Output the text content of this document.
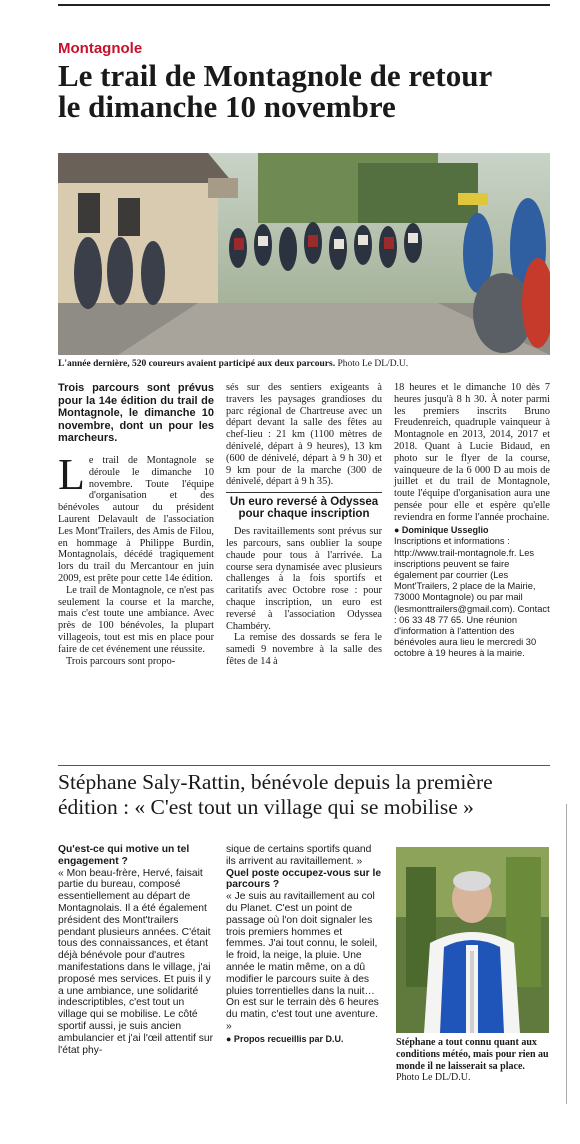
Montagnole
Le trail de Montagnole de retour
le dimanche 10 novembre
L'année dernière, 520 coureurs avaient participé aux deux parcours. Photo Le DL/D.U.
Trois parcours sont prévus pour la 14e édition du trail de Montagnole, le dimanche 10 novembre, dont un pour les marcheurs.

Le trail de Montagnole se déroule le dimanche 10 novembre. Toute l'équipe d'organisation et des bénévoles autour du président Laurent Delavault de l'association Les Mont'Trailers, des Amis de Filou, en hommage à Philippe Burdin, Montagnolais, décédé tragiquement lors du trail du Mercantour en juin 2009, est prête pour cette 14e édition.

Le trail de Montagnole, ce n'est pas seulement la course et la marche, mais c'est toute une ambiance. Avec près de 100 bénévoles, la plupart villageois, tout est mis en place pour faire de cet événement une réussite.

Trois parcours sont propo-

sés sur des sentiers exigeants à travers les paysages grandioses du parc régional de Chartreuse avec un départ devant la salle des fêtes au chef-lieu : 21 km (1100 mètres de dénivelé, départ à 9 heures), 13 km (600 de dénivelé, départ à 9 h 30) et 9 km pour de la marche (300 de dénivelé, départ à 9 h 35).

Un euro reversé à Odyssea pour chaque inscription

Des ravitaillements sont prévus sur les parcours, sans oublier la soupe chaude pour tous à l'arrivée. La course sera dynamisée avec plusieurs challenges à la fois sportifs et caritatifs avec Octobre rose : pour chaque inscription, un euro est reversé à l'association Odyssea Chambéry.

La remise des dossards se fera le samedi 9 novembre à la salle des fêtes de 14 à

18 heures et le dimanche 10 dès 7 heures jusqu'à 8 h 30. À noter parmi les premiers inscrits Bruno Freudenreich, quadruple vainqueur à Montagnole en 2013, 2014, 2017 et 2018. Quant à Lucie Bidaud, en photo sur le flyer de la course, vainqueure de la 6 000 D au mois de juillet et du trail de Montagnole, toute l'équipe d'organisation aura une pensée pour elle et espère qu'elle reviendra en forme l'année prochaine.

● Dominique Usseglio

Inscriptions et informations : http://www.trail-montagnole.fr. Les inscriptions peuvent se faire également par courrier (Les Mont'Trailers, 2 place de la Mairie, 73000 Montagnole) ou par mail (lesmonttrailers@gmail.com). Contact : 06 33 48 77 65. Une réunion d'information à l'attention des bénévoles aura lieu le mercredi 30 octobre à 19 heures à la mairie.

Stéphane Saly-Rattin, bénévole depuis la première
édition : « C'est tout un village qui se mobilise »
Qu'est-ce qui motive un tel engagement ?

« Mon beau-frère, Hervé, faisait partie du bureau, composé essentiellement au départ de Montagnolais. Il a été également président des Mont'trailers pendant plusieurs années. C'était tous des connaissances, et étant déjà bénévole pour d'autres manifestations dans le village, j'ai proposé mes services. Et puis il y a une ambiance, une solidarité indescriptibles, c'est tout un village qui se mobilise. Le côté sportif aussi, je suis ancien ambulancier et j'ai l'œil attentif sur l'état phy-

sique de certains sportifs quand ils arrivent au ravitaillement. »

Quel poste occupez-vous sur le parcours ?

« Je suis au ravitaillement au col du Planet. C'est un point de passage où l'on doit signaler les trois premiers hommes et femmes. J'ai tout connu, le soleil, le froid, la neige, la pluie. Une année le matin même, on a dû modifier le parcours suite à des pluies torrentielles dans la nuit… On est sur le terrain dès 6 heures du matin, c'est tout une aventure. »

● Propos recueillis par D.U.	Stéphane a tout connu quant aux conditions météo, mais pour rien au monde il ne laisserait sa place. Photo Le DL/D.U.
